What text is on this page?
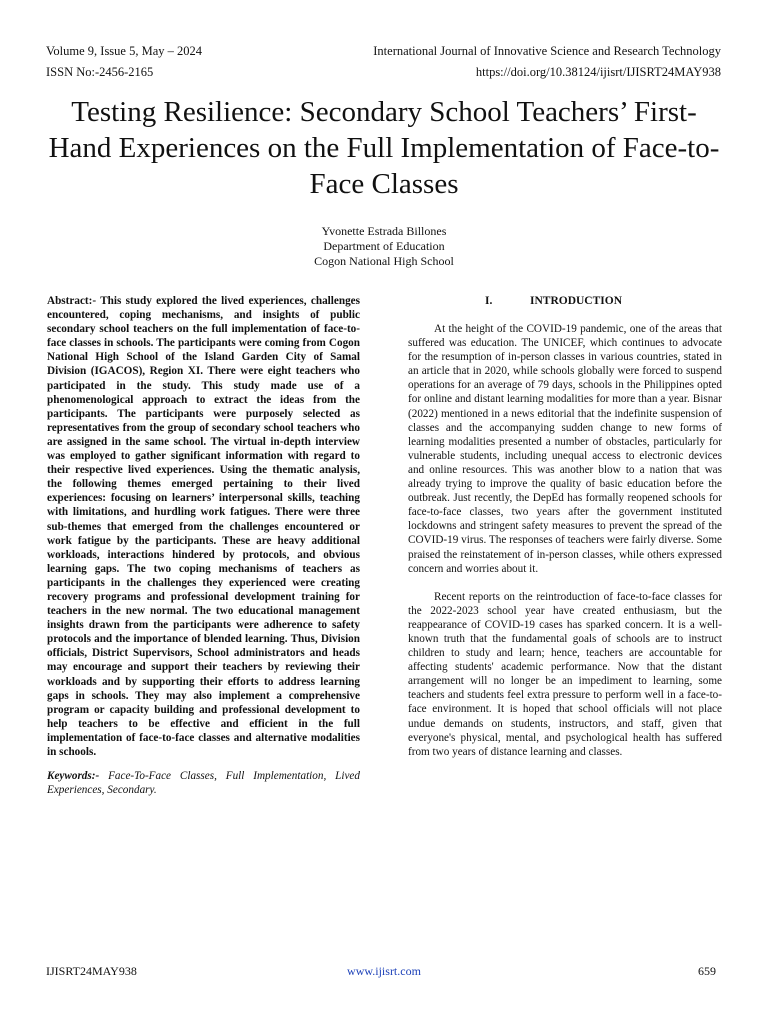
Volume 9, Issue 5, May – 2024	International Journal of Innovative Science and Research Technology
ISSN No:-2456-2165	https://doi.org/10.38124/ijisrt/IJISRT24MAY938
Testing Resilience: Secondary School Teachers’ First-Hand Experiences on the Full Implementation of Face-to-Face Classes
Yvonette Estrada Billones
Department of Education
Cogon National High School

Abstract:- This study explored the lived experiences, challenges encountered, coping mechanisms, and insights of public secondary school teachers on the full implementation of face-to-face classes in schools. The participants were coming from Cogon National High School of the Island Garden City of Samal Division (IGACOS), Region XI. There were eight teachers who participated in the study. This study made use of a phenomenological approach to extract the ideas from the participants. The participants were purposely selected as representatives from the group of secondary school teachers who are assigned in the same school. The virtual in-depth interview was employed to gather significant information with regard to their respective lived experiences. Using the thematic analysis, the following themes emerged pertaining to their lived experiences: focusing on learners’ interpersonal skills, teaching with limitations, and hurdling work fatigues. There were three sub-themes that emerged from the challenges encountered or work fatigue by the participants. These are heavy additional workloads, interactions hindered by protocols, and obvious learning gaps. The two coping mechanisms of teachers as participants in the challenges they experienced were creating recovery programs and professional development training for teachers in the new normal. The two educational management insights drawn from the participants were adherence to safety protocols and the importance of blended learning. Thus, Division officials, District Supervisors, School administrators and heads may encourage and support their teachers by reviewing their workloads and by supporting their efforts to address learning gaps in schools. They may also implement a comprehensive program or capacity building and professional development to help teachers to be effective and efficient in the full implementation of face-to-face classes and alternative modalities in schools.

Keywords:- Face-To-Face Classes, Full Implementation, Lived Experiences, Secondary.

I.	INTRODUCTION

At the height of the COVID-19 pandemic, one of the areas that suffered was education. The UNICEF, which continues to advocate for the resumption of in-person classes in various countries, stated in an article that in 2020, while schools globally were forced to suspend operations for an average of 79 days, schools in the Philippines opted for online and distant learning modalities for more than a year. Bisnar (2022) mentioned in a news editorial that the indefinite suspension of classes and the accompanying sudden change to new forms of learning modalities presented a number of obstacles, particularly for vulnerable students, including unequal access to electronic devices and online resources. This was another blow to a nation that was already trying to improve the quality of basic education before the outbreak. Just recently, the DepEd has formally reopened schools for face-to-face classes, two years after the government instituted lockdowns and stringent safety measures to prevent the spread of the COVID-19 virus. The responses of teachers were fairly diverse. Some praised the reinstatement of in-person classes, while others expressed concern and worries about it.

Recent reports on the reintroduction of face-to-face classes for the 2022-2023 school year have created enthusiasm, but the reappearance of COVID-19 cases has sparked concern. It is a well-known truth that the fundamental goals of schools are to instruct children to study and learn; hence, teachers are accountable for affecting students' academic performance. Now that the distant arrangement will no longer be an impediment to learning, some teachers and students feel extra pressure to perform well in a face-to-face environment. It is hoped that school officials will not place undue demands on students, instructors, and staff, given that everyone's physical, mental, and psychological health has suffered from two years of distance learning and classes.

IJISRT24MAY938	www.ijisrt.com	659
